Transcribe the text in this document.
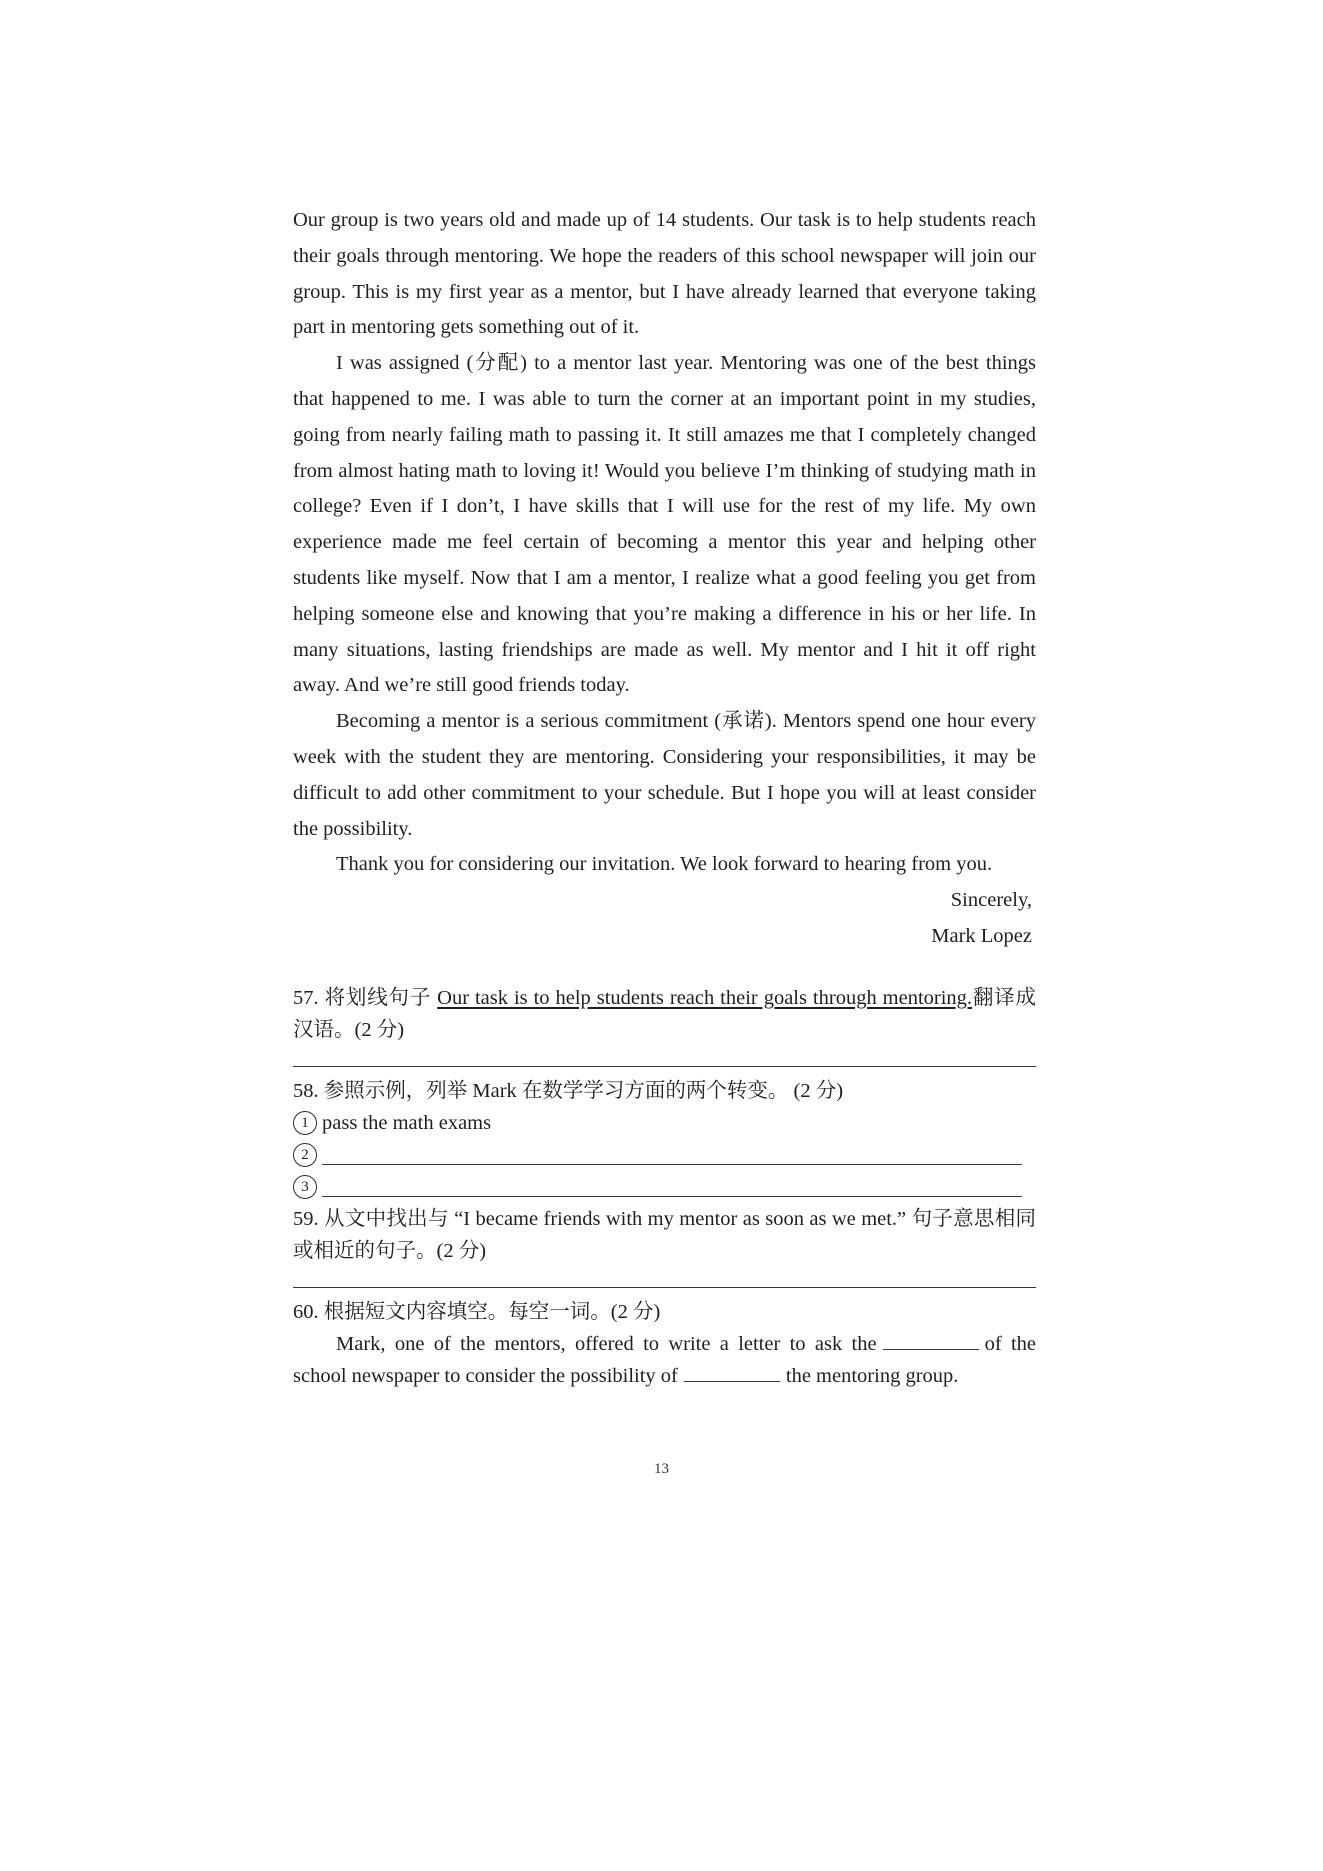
Our group is two years old and made up of 14 students. Our task is to help students reach their goals through mentoring. We hope the readers of this school newspaper will join our group. This is my first year as a mentor, but I have already learned that everyone taking part in mentoring gets something out of it.

I was assigned (分配) to a mentor last year. Mentoring was one of the best things that happened to me. I was able to turn the corner at an important point in my studies, going from nearly failing math to passing it. It still amazes me that I completely changed from almost hating math to loving it! Would you believe I’m thinking of studying math in college? Even if I don’t, I have skills that I will use for the rest of my life. My own experience made me feel certain of becoming a mentor this year and helping other students like myself. Now that I am a mentor, I realize what a good feeling you get from helping someone else and knowing that you’re making a difference in his or her life. In many situations, lasting friendships are made as well. My mentor and I hit it off right away. And we’re still good friends today.

Becoming a mentor is a serious commitment (承诺). Mentors spend one hour every week with the student they are mentoring. Considering your responsibilities, it may be difficult to add other commitment to your schedule. But I hope you will at least consider the possibility.

Thank you for considering our invitation. We look forward to hearing from you.

Sincerely,

Mark Lopez

57. 将划线句子 Our task is to help students reach their goals through mentoring.翻译成汉语。(2 分)

58. 参照示例，列举 Mark 在数学学习方面的两个转变。 (2 分)

1 pass the math exams
2
3

59. 从文中找出与 “I became friends with my mentor as soon as we met.” 句子意思相同或相近的句子。(2 分)

60. 根据短文内容填空。每空一词。(2 分)

Mark, one of the mentors, offered to write a letter to ask the	of the school newspaper to consider the possibility of	the mentoring group.

13
